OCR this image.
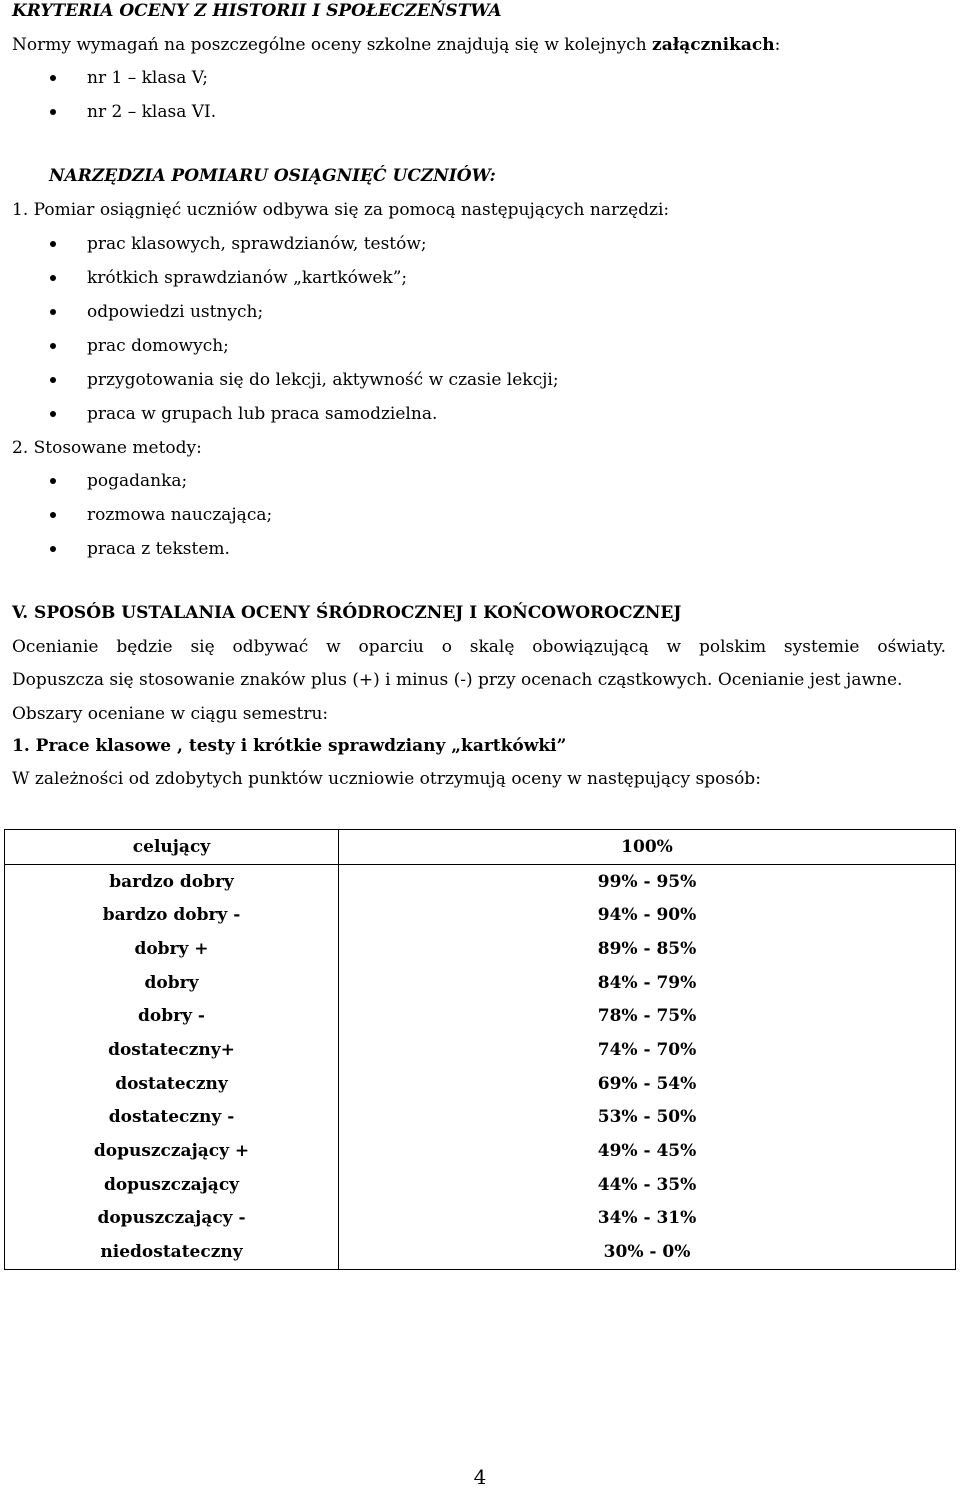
KRYTERIA OCENY Z HISTORII I SPOŁECZEŃSTWA
Normy wymagań na poszczególne oceny szkolne znajdują się w kolejnych załącznikach:
nr 1 – klasa V;
nr 2 – klasa VI.
NARZĘDZIA POMIARU OSIĄGNIĘĆ UCZNIÓW:
1. Pomiar osiągnięć uczniów odbywa się za pomocą następujących narzędzi:
prac klasowych, sprawdzianów, testów;
krótkich sprawdzianów „kartkówek”;
odpowiedzi ustnych;
prac domowych;
przygotowania się do lekcji, aktywność w czasie lekcji;
praca w grupach lub praca samodzielna.
2. Stosowane metody:
pogadanka;
rozmowa nauczająca;
praca z tekstem.
V. SPOSÓB USTALANIA OCENY ŚRÓDROCZNEJ I KOŃCOWOROCZNEJ
Ocenianie będzie się odbywać w oparciu o skalę obowiązującą w polskim systemie oświaty.
Dopuszcza się stosowanie znaków plus (+) i minus (-) przy ocenach cząstkowych. Ocenianie jest jawne.
Obszary oceniane w ciągu semestru:
1. Prace klasowe , testy i krótkie sprawdziany „kartkówki”
W zależności od zdobytych punktów uczniowie otrzymują oceny w następujący sposób:
celujący	100%
bardzo dobry	99% - 95%
bardzo dobry -	94% - 90%
dobry +	89% - 85%
dobry	84% - 79%
dobry -	78% - 75%
dostateczny+	74% - 70%
dostateczny	69% - 54%
dostateczny -	53% - 50%
dopuszczający +	49% - 45%
dopuszczający	44% - 35%
dopuszczający -	34% - 31%
niedostateczny	30% - 0%
4
